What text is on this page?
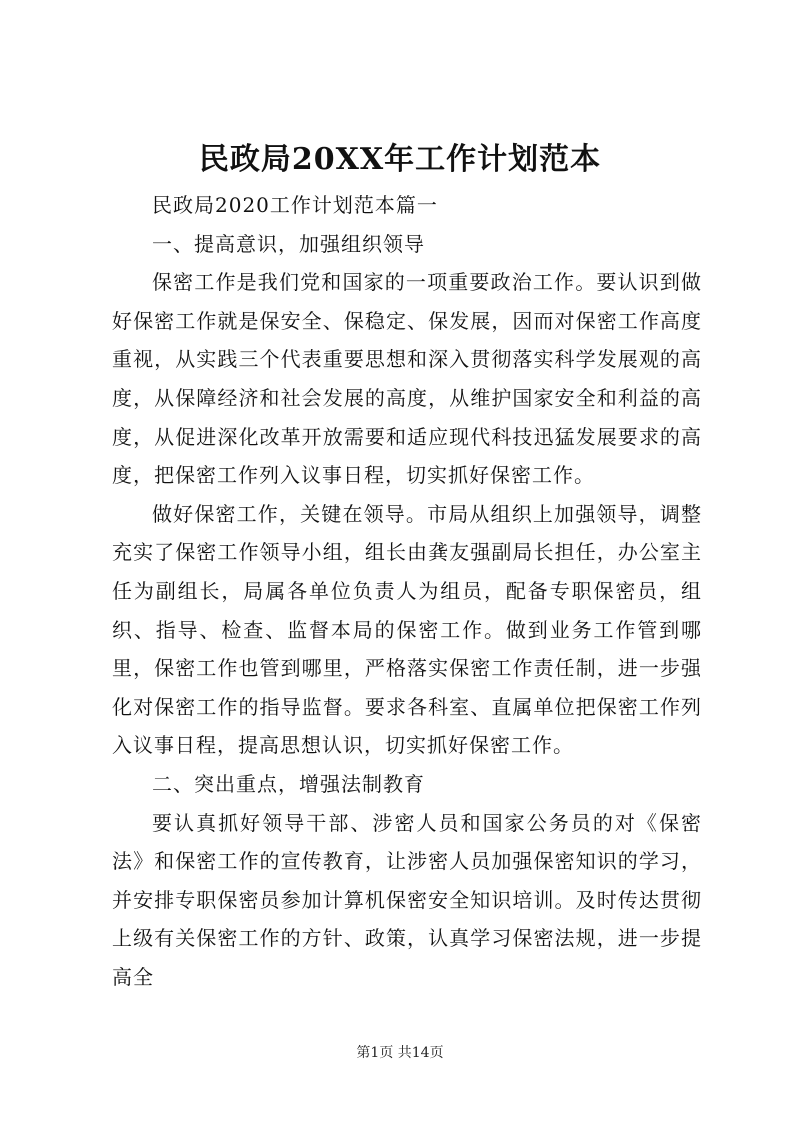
民政局20XX年工作计划范本

民政局2020工作计划范本篇一

一、提高意识，加强组织领导

保密工作是我们党和国家的一项重要政治工作。要认识到做好保密工作就是保安全、保稳定、保发展，因而对保密工作高度重视，从实践三个代表重要思想和深入贯彻落实科学发展观的高度，从保障经济和社会发展的高度，从维护国家安全和利益的高度，从促进深化改革开放需要和适应现代科技迅猛发展要求的高度，把保密工作列入议事日程，切实抓好保密工作。

做好保密工作，关键在领导。市局从组织上加强领导，调整充实了保密工作领导小组，组长由龚友强副局长担任，办公室主任为副组长，局属各单位负责人为组员，配备专职保密员，组织、指导、检查、监督本局的保密工作。做到业务工作管到哪里，保密工作也管到哪里，严格落实保密工作责任制，进一步强化对保密工作的指导监督。要求各科室、直属单位把保密工作列入议事日程，提高思想认识，切实抓好保密工作。

二、突出重点，增强法制教育

要认真抓好领导干部、涉密人员和国家公务员的对《保密法》和保密工作的宣传教育，让涉密人员加强保密知识的学习，并安排专职保密员参加计算机保密安全知识培训。及时传达贯彻上级有关保密工作的方针、政策，认真学习保密法规，进一步提高全

第1页 共14页
